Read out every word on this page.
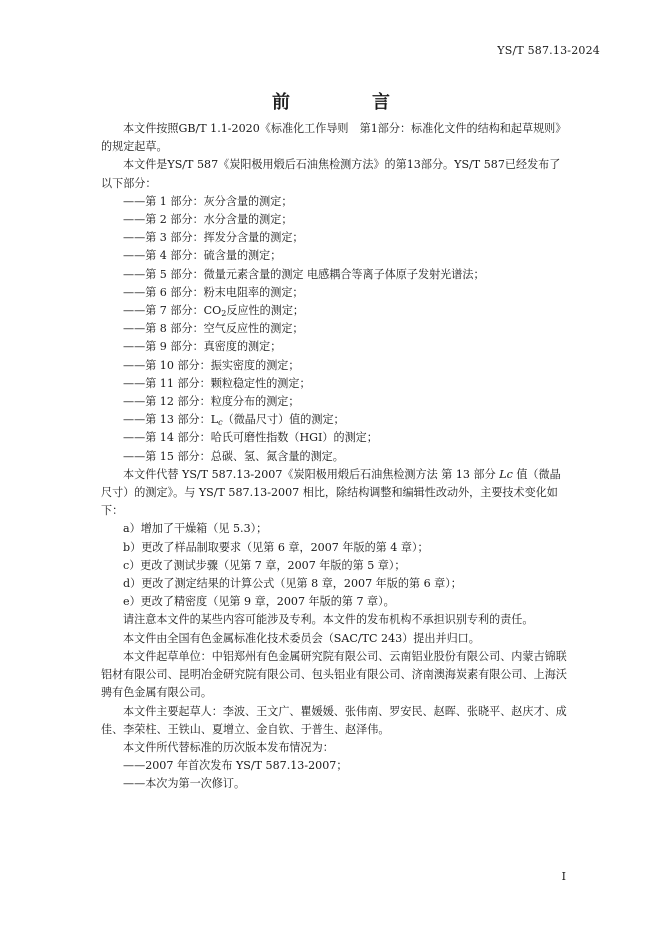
YS/T 587.13-2024
前　言

本文件按照GB/T 1.1-2020《标准化工作导则　第1部分：标准化文件的结构和起草规则》的规定起草。

本文件是YS/T 587《炭阳极用煅后石油焦检测方法》的第13部分。YS/T 587已经发布了以下部分：

——第 1 部分：灰分含量的测定；

——第 2 部分：水分含量的测定；

——第 3 部分：挥发分含量的测定；

——第 4 部分：硫含量的测定；

——第 5 部分：微量元素含量的测定 电感耦合等离子体原子发射光谱法；

——第 6 部分：粉末电阻率的测定；

——第 7 部分：$CO_2$反应性的测定；

——第 8 部分：空气反应性的测定；

——第 9 部分：真密度的测定；

——第 10 部分：振实密度的测定；

——第 11 部分：颗粒稳定性的测定；

——第 12 部分：粒度分布的测定；

——第 13 部分：$L_c$（微晶尺寸）值的测定；

——第 14 部分：哈氏可磨性指数（HGI）的测定；

——第 15 部分：总碳、氢、氮含量的测定。

本文件代替 YS/T 587.13-2007《炭阳极用煅后石油焦检测方法 第 13 部分 Lc 值（微晶尺寸）的测定》。与 YS/T 587.13-2007 相比，除结构调整和编辑性改动外，主要技术变化如下：

a）增加了干燥箱（见 5.3）；

b）更改了样品制取要求（见第 6 章，2007 年版的第 4 章）；

c）更改了测试步骤（见第 7 章，2007 年版的第 5 章）；

d）更改了测定结果的计算公式（见第 8 章，2007 年版的第 6 章）；

e）更改了精密度（见第 9 章，2007 年版的第 7 章）。

请注意本文件的某些内容可能涉及专利。本文件的发布机构不承担识别专利的责任。

本文件由全国有色金属标准化技术委员会（SAC/TC 243）提出并归口。

本文件起草单位：中铝郑州有色金属研究院有限公司、云南铝业股份有限公司、内蒙古锦联铝材有限公司、昆明冶金研究院有限公司、包头铝业有限公司、济南澳海炭素有限公司、上海沃骋有色金属有限公司。

本文件主要起草人：李波、王文广、瞿媛媛、张伟南、罗安民、赵晖、张晓平、赵庆才、成佳、李荣柱、王铁山、夏增立、金自钦、于普生、赵泽伟。

本文件所代替标准的历次版本发布情况为：

——2007 年首次发布 YS/T 587.13-2007；

——本次为第一次修订。

I
